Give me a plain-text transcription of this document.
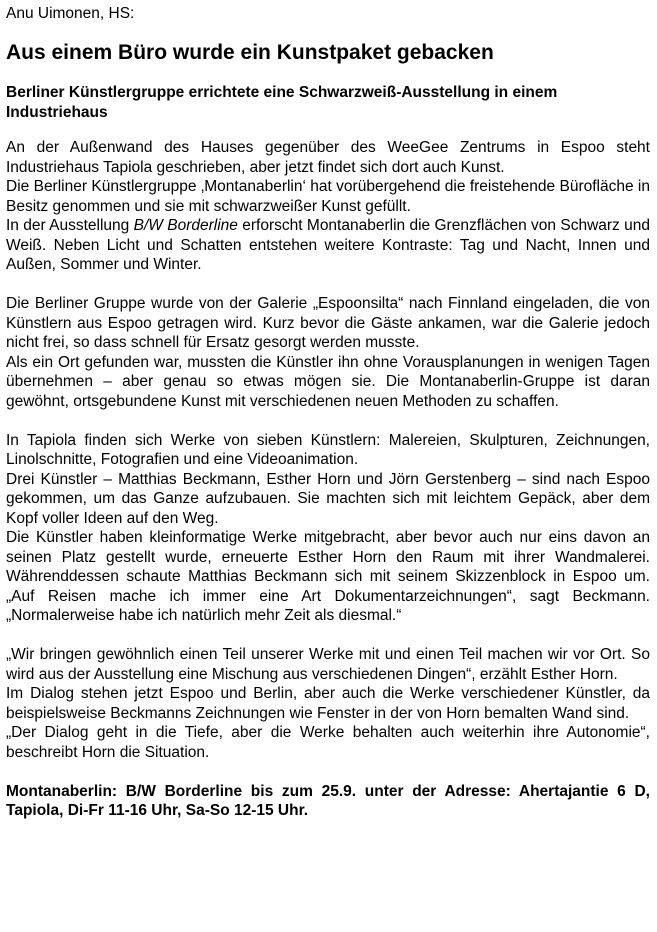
Anu Uimonen, HS:

Aus einem Büro wurde ein Kunstpaket gebacken
Berliner Künstlergruppe errichtete eine Schwarzweiß-Ausstellung in einem Industriehaus

An der Außenwand des Hauses gegenüber des WeeGee Zentrums in Espoo steht Industriehaus Tapiola geschrieben, aber jetzt findet sich dort auch Kunst.

Die Berliner Künstlergruppe ‚Montanaberlin‘ hat vorübergehend die freistehende Bürofläche in Besitz genommen und sie mit schwarzweißer Kunst gefüllt.

In der Ausstellung B/W Borderline erforscht Montanaberlin die Grenzflächen von Schwarz und Weiß. Neben Licht und Schatten entstehen weitere Kontraste: Tag und Nacht, Innen und Außen, Sommer und Winter.

Die Berliner Gruppe wurde von der Galerie „Espoonsilta“ nach Finnland eingeladen, die von Künstlern aus Espoo getragen wird. Kurz bevor die Gäste ankamen, war die Galerie jedoch nicht frei, so dass schnell für Ersatz gesorgt werden musste.

Als ein Ort gefunden war, mussten die Künstler ihn ohne Vorausplanungen in wenigen Tagen übernehmen – aber genau so etwas mögen sie. Die Montanaberlin-Gruppe ist daran gewöhnt, ortsgebundene Kunst mit verschiedenen neuen Methoden zu schaffen.

In Tapiola finden sich Werke von sieben Künstlern: Malereien, Skulpturen, Zeichnungen, Linolschnitte, Fotografien und eine Videoanimation.

Drei Künstler – Matthias Beckmann, Esther Horn und Jörn Gerstenberg – sind nach Espoo gekommen, um das Ganze aufzubauen. Sie machten sich mit leichtem Gepäck, aber dem Kopf voller Ideen auf den Weg.

Die Künstler haben kleinformatige Werke mitgebracht, aber bevor auch nur eins davon an seinen Platz gestellt wurde, erneuerte Esther Horn den Raum mit ihrer Wandmalerei. Währenddessen schaute Matthias Beckmann sich mit seinem Skizzenblock in Espoo um. „Auf Reisen mache ich immer eine Art Dokumentarzeichnungen“, sagt Beckmann. „Normalerweise habe ich natürlich mehr Zeit als diesmal.“

„Wir bringen gewöhnlich einen Teil unserer Werke mit und einen Teil machen wir vor Ort. So wird aus der Ausstellung eine Mischung aus verschiedenen Dingen“, erzählt Esther Horn.

Im Dialog stehen jetzt Espoo und Berlin, aber auch die Werke verschiedener Künstler, da beispielsweise Beckmanns Zeichnungen wie Fenster in der von Horn bemalten Wand sind.

„Der Dialog geht in die Tiefe, aber die Werke behalten auch weiterhin ihre Autonomie“, beschreibt Horn die Situation.

Montanaberlin: B/W Borderline bis zum 25.9. unter der Adresse: Ahertajantie 6 D, Tapiola, Di-Fr 11-16 Uhr, Sa-So 12-15 Uhr.
